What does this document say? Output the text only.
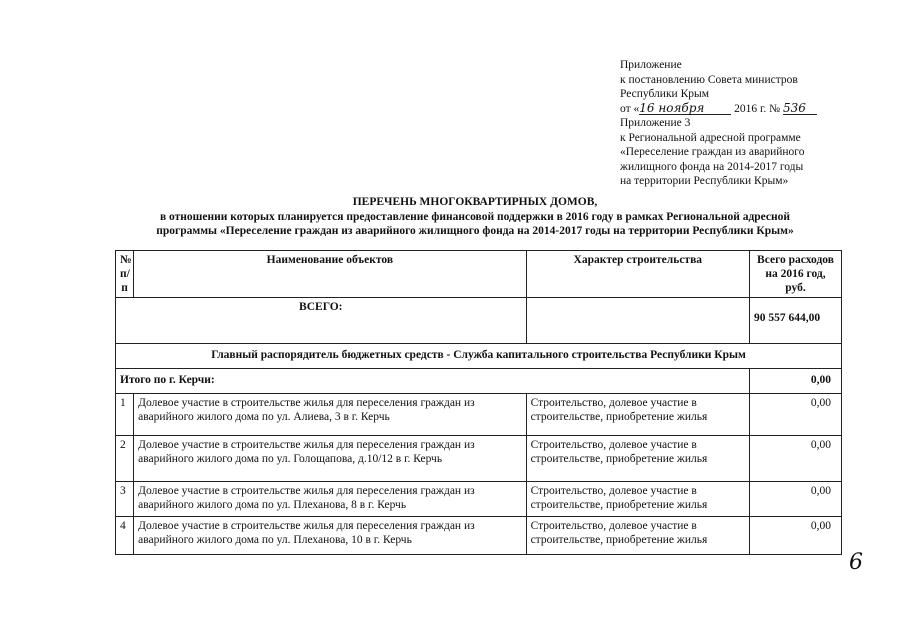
Приложение
к постановлению Совета министров
Республики Крым
от «16 ноября 2016 г. № 536
Приложение 3
к Региональной адресной программе
«Переселение граждан из аварийного
жилищного фонда на 2014-2017 годы
на территории Республики Крым»
ПЕРЕЧЕНЬ МНОГОКВАРТИРНЫХ ДОМОВ,
в отношении которых планируется предоставление финансовой поддержки в 2016 году в рамках Региональной адресной
программы «Переселение граждан из аварийного жилищного фонда на 2014-2017 годы на территории Республики Крым»
№ п/п	Наименование объектов	Характер строительства	Всего расходов на 2016 год, руб.
ВСЕГО:			90 557 644,00
Главный распорядитель бюджетных средств - Служба капитального строительства Республики Крым			
Итого по г. Керчи:			0,00
1	Долевое участие в строительстве жилья для переселения граждан из аварийного жилого дома по ул. Алиева, 3 в г. Керчь	Строительство, долевое участие в строительстве, приобретение жилья	0,00
2	Долевое участие в строительстве жилья для переселения граждан из аварийного жилого дома по ул. Голощапова, д.10/12 в г. Керчь	Строительство, долевое участие в строительстве, приобретение жилья	0,00
3	Долевое участие в строительстве жилья для переселения граждан из аварийного жилого дома по ул. Плеханова, 8 в г. Керчь	Строительство, долевое участие в строительстве, приобретение жилья	0,00
4	Долевое участие в строительстве жилья для переселения граждан из аварийного жилого дома по ул. Плеханова, 10 в г. Керчь	Строительство, долевое участие в строительстве, приобретение жилья	0,00
6
